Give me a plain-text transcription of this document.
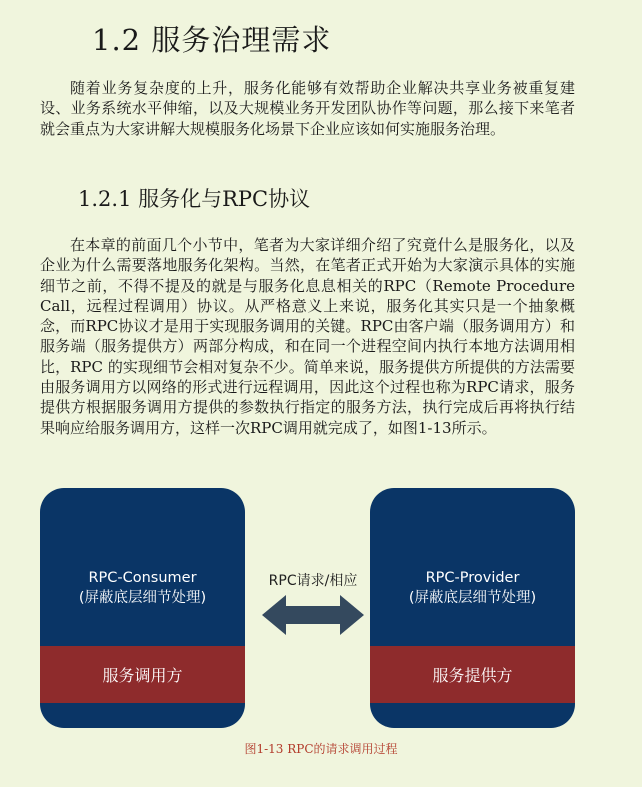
1.2 服务治理需求

随着业务复杂度的上升，服务化能够有效帮助企业解决共享业务被重复建设、业务系统水平伸缩，以及大规模业务开发团队协作等问题，那么接下来笔者就会重点为大家讲解大规模服务化场景下企业应该如何实施服务治理。

1.2.1 服务化与RPC协议

在本章的前面几个小节中，笔者为大家详细介绍了究竟什么是服务化，以及企业为什么需要落地服务化架构。当然，在笔者正式开始为大家演示具体的实施细节之前，不得不提及的就是与服务化息息相关的RPC（Remote Procedure Call，远程过程调用）协议。从严格意义上来说，服务化其实只是一个抽象概念，而RPC协议才是用于实现服务调用的关键。RPC由客户端（服务调用方）和服务端（服务提供方）两部分构成，和在同一个进程空间内执行本地方法调用相比，RPC 的实现细节会相对复杂不少。简单来说，服务提供方所提供的方法需要由服务调用方以网络的形式进行远程调用，因此这个过程也称为RPC请求，服务提供方根据服务调用方提供的参数执行指定的服务方法，执行完成后再将执行结果响应给服务调用方，这样一次RPC调用就完成了，如图1-13所示。

RPC-Consumer
(屏蔽底层细节处理)
服务调用方
RPC请求/相应	RPC-Provider
(屏蔽底层细节处理)
服务提供方
图1-13 RPC的请求调用过程
